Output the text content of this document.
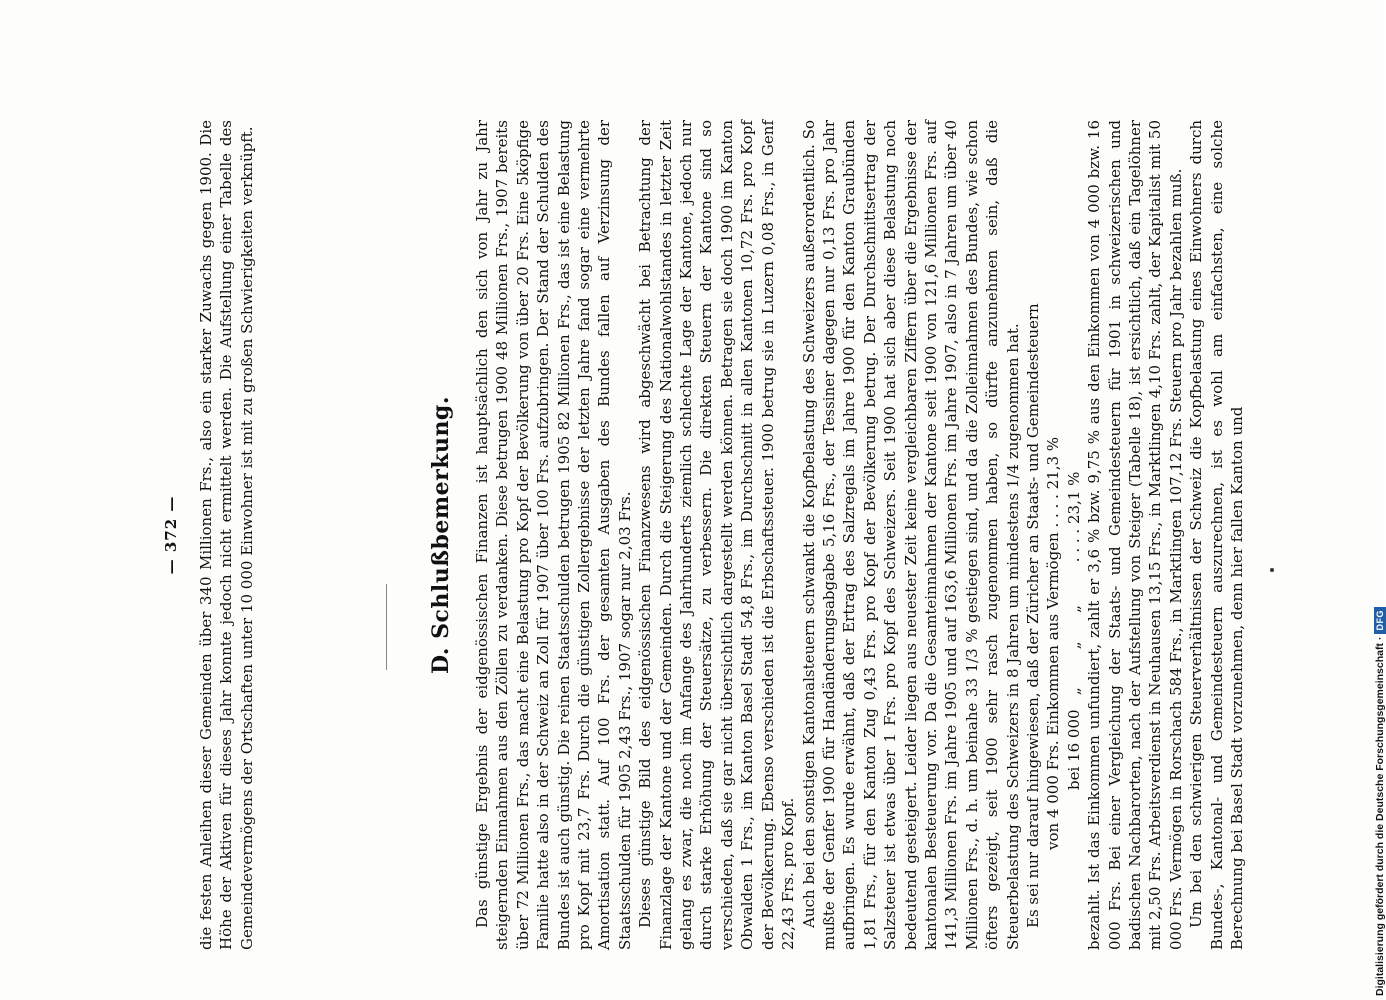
— 372 — die festen Anleihen dieser Gemeinden über 340 Millionen Frs., also ein starker Zuwachs gegen 1900. Die Höhe der Aktiven für dieses Jahr konnte jedoch nicht ermittelt werden. Die Aufstellung einer Tabelle des Gemeindevermögens der Ortschaften unter 10 000 Einwohner ist mit zu großen Schwierigkeiten verknüpft.	D. Schlußbemerkung. Das günstige Ergebnis der eidgenössischen Finanzen ist hauptsächlich den sich von Jahr zu Jahr steigernden Einnahmen aus den Zöllen zu verdanken. Diese betrugen 1900 48 Millionen Frs., 1907 bereits über 72 Millionen Frs., das macht eine Belastung pro Kopf der Bevölkerung von über 20 Frs. Eine 5köpfige Familie hatte also in der Schweiz an Zoll für 1907 über 100 Frs. aufzubringen. Der Stand der Schulden des Bundes ist auch günstig. Die reinen Staatsschulden betrugen 1905 82 Millionen Frs., das ist eine Belastung pro Kopf mit 23,7 Frs. Durch die günstigen Zollergebnisse der letzten Jahre fand sogar eine vermehrte Amortisation statt. Auf 100 Frs. der gesamten Ausgaben des Bundes fallen auf Verzinsung der Staatsschulden für 1905 2,43 Frs., 1907 sogar nur 2,03 Frs. Dieses günstige Bild des eidgenössischen Finanzwesens wird abgeschwächt bei Betrachtung der Finanzlage der Kantone und der Gemeinden. Durch die Steigerung des Nationalwohlstandes in letzter Zeit gelang es zwar, die noch im Anfange des Jahrhunderts ziemlich schlechte Lage der Kantone, jedoch nur durch starke Erhöhung der Steuersätze, zu verbessern. Die direkten Steuern der Kantone sind so verschieden, daß sie gar nicht übersichtlich dargestellt werden können. Betragen sie doch 1900 im Kanton Obwalden 1 Frs., im Kanton Basel Stadt 54,8 Frs., im Durchschnitt in allen Kantonen 10,72 Frs. pro Kopf der Bevölkerung. Ebenso verschieden ist die Erbschaftssteuer. 1900 betrug sie in Luzern 0,08 Frs., in Genf 22,43 Frs. pro Kopf. Auch bei den sonstigen Kantonalsteuern schwankt die Kopfbelastung des Schweizers außerordentlich. So mußte der Genfer 1900 für Handänderungsabgabe 5,16 Frs., der Tessiner dagegen nur 0,13 Frs. pro Jahr aufbringen. Es wurde erwähnt, daß der Ertrag des Salzregals im Jahre 1900 für den Kanton Graubünden 1,81 Frs., für den Kanton Zug 0,43 Frs. pro Kopf der Bevölkerung betrug. Der Durchschnittsertrag der Salzsteuer ist etwas über 1 Frs. pro Kopf des Schweizers. Seit 1900 hat sich aber diese Belastung noch bedeutend gesteigert. Leider liegen aus neuester Zeit keine vergleichbaren Ziffern über die Ergebnisse der kantonalen Besteuerung vor. Da die Gesamteinnahmen der Kantone seit 1900 von 121,6 Millionen Frs. auf 141,3 Millionen Frs. im Jahre 1905 und auf 163,6 Millionen Frs. im Jahre 1907, also in 7 Jahren um über 40 Millionen Frs., d. h. um beinahe 33 1/3 % gestiegen sind, und da die Zolleinnahmen des Bundes, wie schon öfters gezeigt, seit 1900 sehr rasch zugenommen haben, so dürfte anzunehmen sein, daß die Steuerbelastung des Schweizers in 8 Jahren um mindestens 1/4 zugenommen hat. Es sei nur darauf hingewiesen, daß der Züricher an Staats- und Gemeindesteuern von 4 000 Frs. Einkommen aus Vermögen . . . . 21,3 % bei 16 000   „        „      „         . . . . 23,1 % bezahlt. Ist das Einkommen unfundiert, zahlt er 3,6 % bzw. 9,75 % aus den Einkommen von 4 000 bzw. 16 000 Frs. Bei einer Vergleichung der Staats- und Gemeindesteuern für 1901 in schweizerischen und badischen Nachbarorten, nach der Aufstellung von Steiger (Tabelle 18), ist ersichtlich, daß ein Tagelöhner mit 2,50 Frs. Arbeitsverdienst in Neuhausen 13,15 Frs., in Marktlingen 4,10 Frs. zahlt, der Kapitalist mit 50 000 Frs. Vermögen in Rorschach 584 Frs., in Marktlingen 107,12 Frs. Steuern pro Jahr bezahlen muß. Um bei den schwierigen Steuerverhältnissen der Schweiz die Kopfbelastung eines Einwohners durch Bundes-, Kantonal- und Gemeindesteuern auszurechnen, ist es wohl am einfachsten, eine solche Berechnung bei Basel Stadt vorzunehmen, denn hier fallen Kanton und	Digitalisierung gefördert durch die Deutsche Forschungsgemeinschaft
·
DFG
